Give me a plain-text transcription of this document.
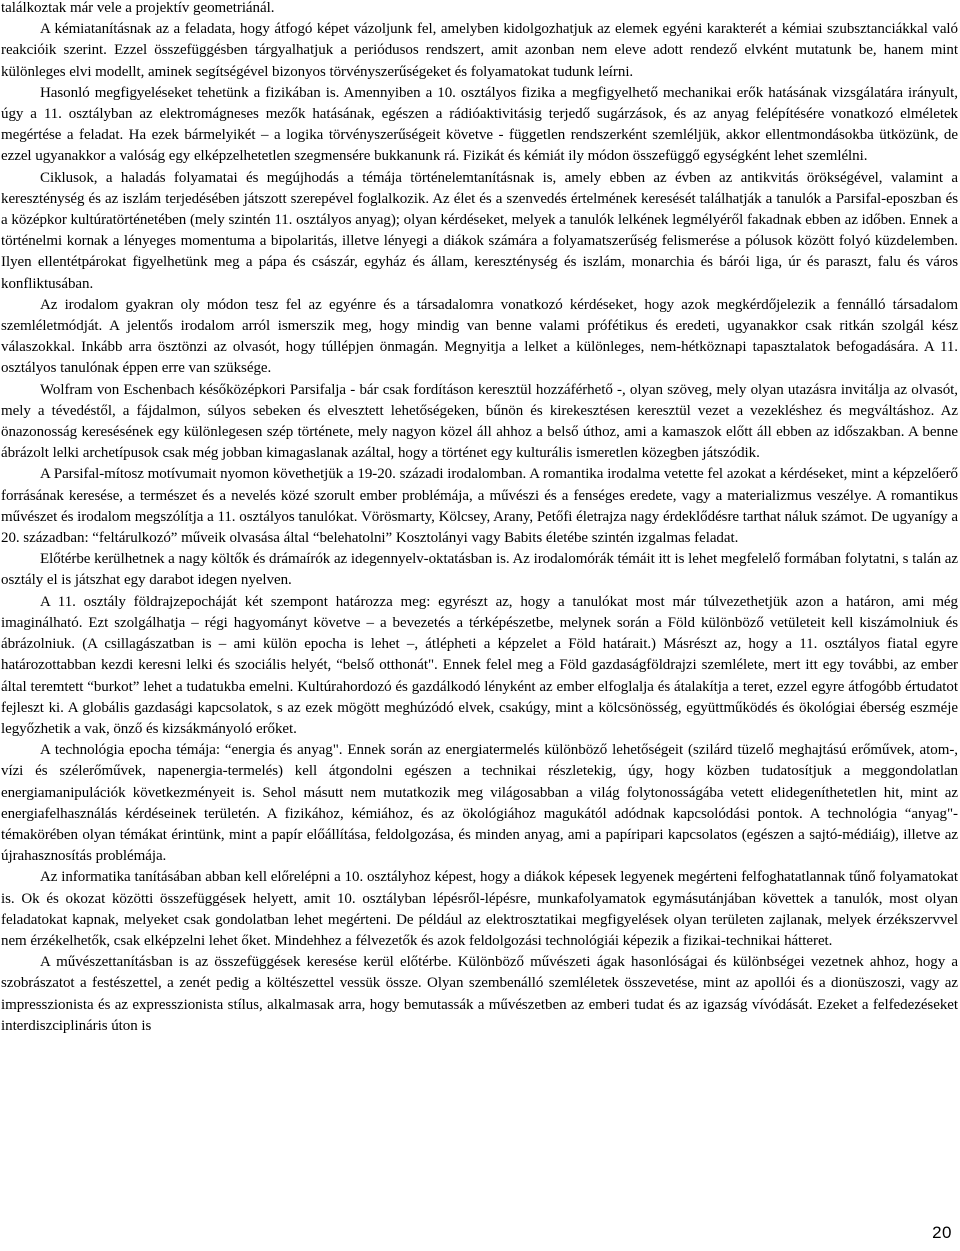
találkoztak már vele a projektív geometriánál.

A kémiatanításnak az a feladata, hogy átfogó képet vázoljunk fel, amelyben kidolgozhatjuk az elemek egyéni karakterét a kémiai szubsztanciákkal való reakcióik szerint. Ezzel összefüggésben tárgyalhatjuk a periódusos rendszert, amit azonban nem eleve adott rendező elvként mutatunk be, hanem mint különleges elvi modellt, aminek segítségével bizonyos törvényszerűségeket és folyamatokat tudunk leírni.

Hasonló megfigyeléseket tehetünk a fizikában is. Amennyiben a 10. osztályos fizika a megfigyelhető mechanikai erők hatásának vizsgálatára irányult, úgy a 11. osztályban az elektromágneses mezők hatásának, egészen a rádióaktivitásig terjedő sugárzások, és az anyag felépítésére vonatkozó elméletek megértése a feladat. Ha ezek bármelyikét – a logika törvényszerűségeit követve - független rendszerként szemléljük, akkor ellentmondásokba ütközünk, de ezzel ugyanakkor a valóság egy elképzelhetetlen szegmensére bukkanunk rá. Fizikát és kémiát ily módon összefüggő egységként lehet szemlélni.

Ciklusok, a haladás folyamatai és megújhodás a témája történelemtanításnak is, amely ebben az évben az antikvitás örökségével, valamint a kereszténység és az iszlám terjedésében játszott szerepével foglalkozik. Az élet és a szenvedés értelmének keresését találhatják a tanulók a Parsifal-eposzban és a középkor kultúratörténetében (mely szintén 11. osztályos anyag); olyan kérdéseket, melyek a tanulók lelkének legmélyéről fakadnak ebben az időben. Ennek a történelmi kornak a lényeges momentuma a bipolaritás, illetve lényegi a diákok számára a folyamatszerűség felismerése a pólusok között folyó küzdelemben. Ilyen ellentétpárokat figyelhetünk meg a pápa és császár, egyház és állam, kereszténység és iszlám, monarchia és bárói liga, úr és paraszt, falu és város konfliktusában.

Az irodalom gyakran oly módon tesz fel az egyénre és a társadalomra vonatkozó kérdéseket, hogy azok megkérdőjelezik a fennálló társadalom szemléletmódját. A jelentős irodalom arról ismerszik meg, hogy mindig van benne valami prófétikus és eredeti, ugyanakkor csak ritkán szolgál kész válaszokkal. Inkább arra ösztönzi az olvasót, hogy túllépjen önmagán. Megnyitja a lelket a különleges, nem-hétköznapi tapasztalatok befogadására. A 11. osztályos tanulónak éppen erre van szüksége.

Wolfram von Eschenbach későközépkori Parsifalja - bár csak fordításon keresztül hozzáférhető -, olyan szöveg, mely olyan utazásra invitálja az olvasót, mely a tévedéstől, a fájdalmon, súlyos sebeken és elvesztett lehetőségeken, bűnön és kirekesztésen keresztül vezet a vezekléshez és megváltáshoz. Az önazonosság keresésének egy különlegesen szép története, mely nagyon közel áll ahhoz a belső úthoz, ami a kamaszok előtt áll ebben az időszakban. A benne ábrázolt lelki archetípusok csak még jobban kimagaslanak azáltal, hogy a történet egy kulturális ismeretlen közegben játszódik.

A Parsifal-mítosz motívumait nyomon követhetjük a 19-20. századi irodalomban. A romantika irodalma vetette fel azokat a kérdéseket, mint a képzelőerő forrásának keresése, a természet és a nevelés közé szorult ember problémája, a művészi és a fenséges eredete, vagy a materializmus veszélye. A romantikus művészet és irodalom megszólítja a 11. osztályos tanulókat. Vörösmarty, Kölcsey, Arany, Petőfi életrajza nagy érdeklődésre tarthat náluk számot. De ugyanígy a 20. században: “feltárulkozó” műveik olvasása által “belehatolni” Kosztolányi vagy Babits életébe szintén izgalmas feladat.

Előtérbe kerülhetnek a nagy költők és drámaírók az idegennyelv-oktatásban is. Az irodalomórák témáit itt is lehet megfelelő formában folytatni, s talán az osztály el is játszhat egy darabot idegen nyelven.

A 11. osztály földrajzepocháját két szempont határozza meg: egyrészt az, hogy a tanulókat most már túlvezethetjük azon a határon, ami még imaginálható. Ezt szolgálhatja – régi hagyományt követve – a bevezetés a térképészetbe, melynek során a Föld különböző vetületeit kell kiszámolniuk és ábrázolniuk. (A csillagászatban is – ami külön epocha is lehet –, átlépheti a képzelet a Föld határait.) Másrészt az, hogy a 11. osztályos fiatal egyre határozottabban kezdi keresni lelki és szociális helyét, “belső otthonát". Ennek felel meg a Föld gazdaságföldrajzi szemlélete, mert itt egy további, az ember által teremtett “burkot” lehet a tudatukba emelni. Kultúrahordozó és gazdálkodó lényként az ember elfoglalja és átalakítja a teret, ezzel egyre átfogóbb értudatot fejleszt ki. A globális gazdasági kapcsolatok, s az ezek mögött meghúzódó elvek, csakúgy, mint a kölcsönösség, együttműködés és ökológiai éberség eszméje legyőzhetik a vak, önző és kizsákmányoló erőket.

A technológia epocha témája: “energia és anyag". Ennek során az energiatermelés különböző lehetőségeit (szilárd tüzelő meghajtású erőművek, atom-, vízi és szélerőművek, napenergia-termelés) kell átgondolni egészen a technikai részletekig, úgy, hogy közben tudatosítjuk a meggondolatlan energiamanipulációk következményeit is. Sehol másutt nem mutatkozik meg világosabban a világ folytonosságába vetett elidegeníthetetlen hit, mint az energiafelhasználás kérdéseinek területén. A fizikához, kémiához, és az ökológiához magukától adódnak kapcsolódási pontok. A technológia “anyag"-témakörében olyan témákat érintünk, mint a papír előállítása, feldolgozása, és minden anyag, ami a papíripari kapcsolatos (egészen a sajtó-médiáig), illetve az újrahasznosítás problémája.

Az informatika tanításában abban kell előrelépni a 10. osztályhoz képest, hogy a diákok képesek legyenek megérteni felfoghatatlannak tűnő folyamatokat is. Ok és okozat közötti összefüggések helyett, amit 10. osztályban lépésről-lépésre, munkafolyamatok egymásutánjában követtek a tanulók, most olyan feladatokat kapnak, melyeket csak gondolatban lehet megérteni. De például az elektrosztatikai megfigyelések olyan területen zajlanak, melyek érzékszervvel nem érzékelhetők, csak elképzelni lehet őket. Mindehhez a félvezetők és azok feldolgozási technológiái képezik a fizikai-technikai hátteret.

A művészettanításban is az összefüggések keresése kerül előtérbe. Különböző művészeti ágak hasonlóságai és különbségei vezetnek ahhoz, hogy a szobrászatot a festészettel, a zenét pedig a költészettel vessük össze. Olyan szembenálló szemléletek összevetése, mint az apollói és a dionüszoszi, vagy az impresszionista és az expresszionista stílus, alkalmasak arra, hogy bemutassák a művészetben az emberi tudat és az igazság vívódását. Ezeket a felfedezéseket interdiszciplináris úton is

20
